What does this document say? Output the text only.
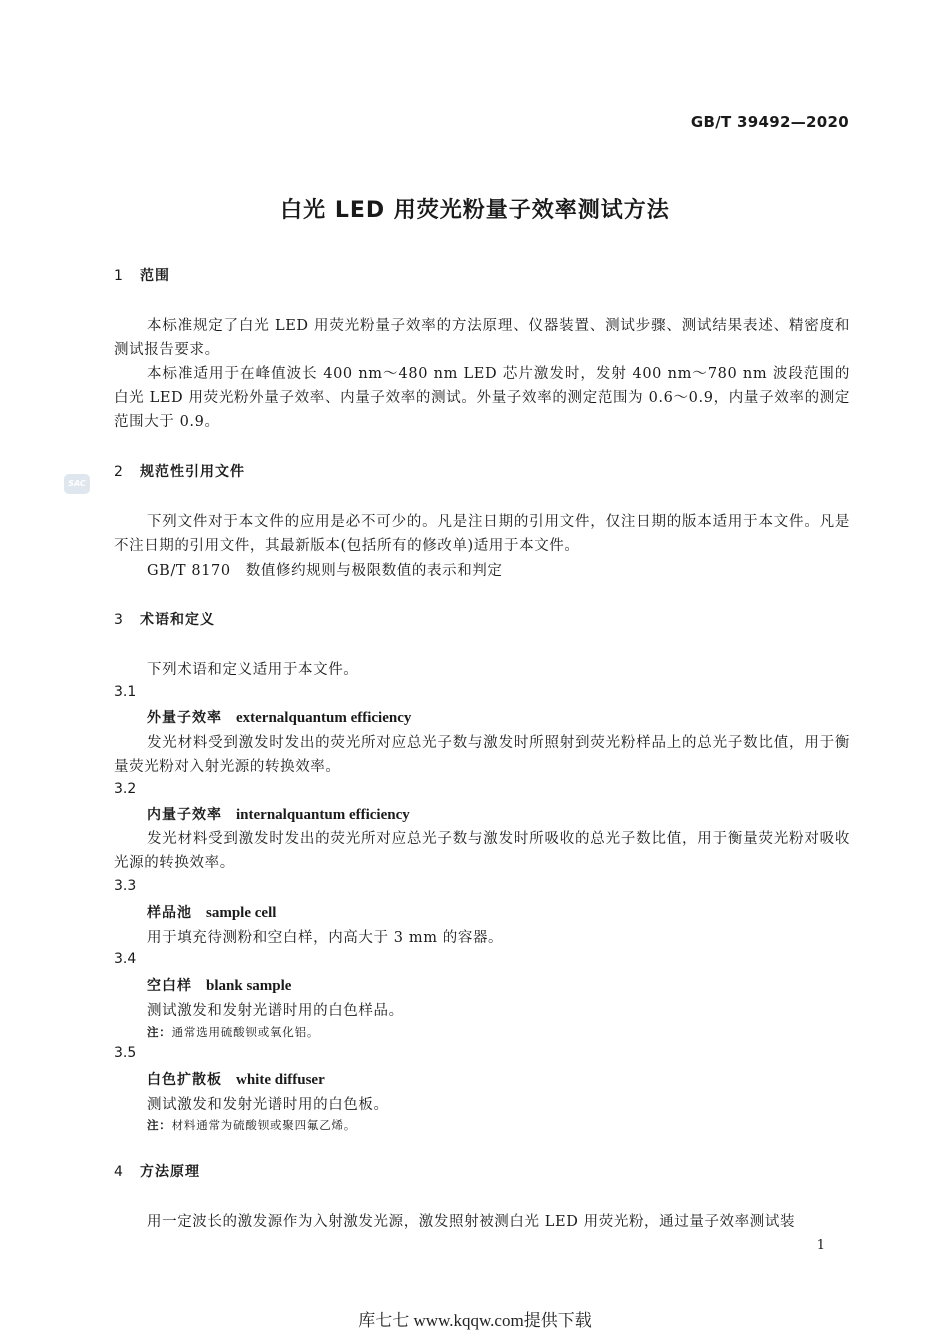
GB/T 39492—2020
白光 LED 用荧光粉量子效率测试方法
SAC
1 范围
本标准规定了白光 LED 用荧光粉量子效率的方法原理、仪器装置、测试步骤、测试结果表述、精密度和测试报告要求。
本标准适用于在峰值波长 400 nm～480 nm LED 芯片激发时，发射 400 nm～780 nm 波段范围的白光 LED 用荧光粉外量子效率、内量子效率的测试。外量子效率的测定范围为 0.6～0.9，内量子效率的测定范围大于 0.9。
2 规范性引用文件
下列文件对于本文件的应用是必不可少的。凡是注日期的引用文件，仅注日期的版本适用于本文件。凡是不注日期的引用文件，其最新版本(包括所有的修改单)适用于本文件。
GB/T 8170　数值修约规则与极限数值的表示和判定
3 术语和定义
下列术语和定义适用于本文件。
3.1
外量子效率 externalquantum efficiency
发光材料受到激发时发出的荧光所对应总光子数与激发时所照射到荧光粉样品上的总光子数比值，用于衡量荧光粉对入射光源的转换效率。
3.2
内量子效率 internalquantum efficiency
发光材料受到激发时发出的荧光所对应总光子数与激发时所吸收的总光子数比值，用于衡量荧光粉对吸收光源的转换效率。
3.3
样品池 sample cell
用于填充待测粉和空白样，内高大于 3 mm 的容器。
3.4
空白样 blank sample
测试激发和发射光谱时用的白色样品。
注：通常选用硫酸钡或氧化铝。
3.5
白色扩散板 white diffuser
测试激发和发射光谱时用的白色板。
注：材料通常为硫酸钡或聚四氟乙烯。
4 方法原理
用一定波长的激发源作为入射激发光源，激发照射被测白光 LED 用荧光粉，通过量子效率测试装
1
库七七 www.kqqw.com提供下载
